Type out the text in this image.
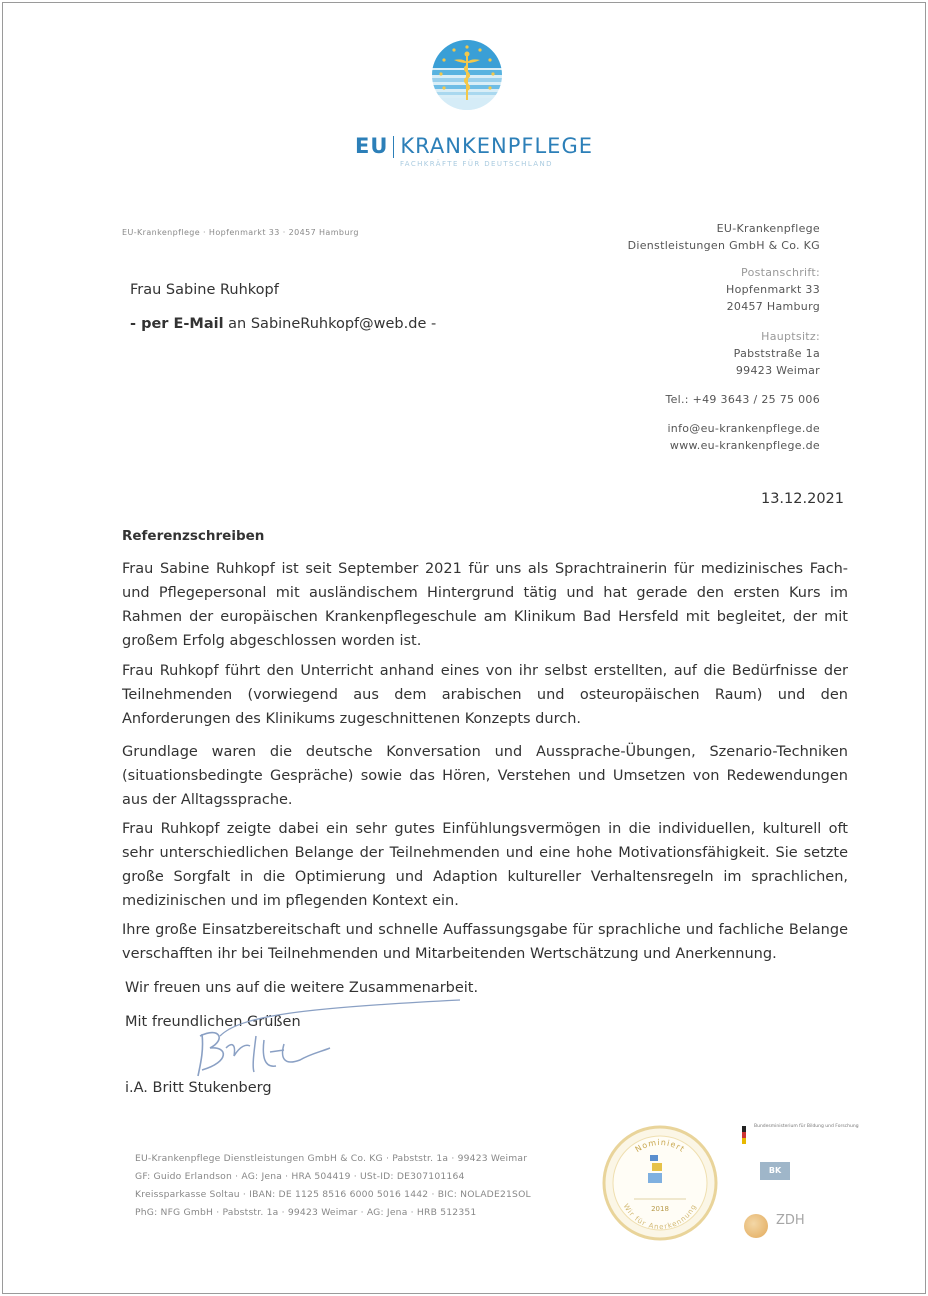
EU KRANKENPFLEGE
FACHKRÄFTE FÜR DEUTSCHLAND
EU-Krankenpflege · Hopfenmarkt 33 · 20457 Hamburg
Frau Sabine Ruhkopf
- per E-Mail an SabineRuhkopf@web.de -
EU-Krankenpflege
Dienstleistungen GmbH & Co. KG
Postanschrift:
Hopfenmarkt 33
20457 Hamburg
Hauptsitz:
Pabststraße 1a
99423 Weimar
Tel.: +49 3643 / 25 75 006
info@eu-krankenpflege.de
www.eu-krankenpflege.de
13.12.2021
Referenzschreiben

Frau Sabine Ruhkopf ist seit September 2021 für uns als Sprachtrainerin für medizinisches Fach- und Pflegepersonal mit ausländischem Hintergrund tätig und hat gerade den ersten Kurs im Rahmen der europäischen Krankenpflegeschule am Klinikum Bad Hersfeld mit begleitet, der mit großem Erfolg abgeschlossen worden ist.

Frau Ruhkopf führt den Unterricht anhand eines von ihr selbst erstellten, auf die Bedürfnisse der Teilnehmenden (vorwiegend aus dem arabischen und osteuropäischen Raum) und den Anforderungen des Klinikums zugeschnittenen Konzepts durch.

Grundlage waren die deutsche Konversation und Aussprache-Übungen, Szenario-Techniken (situationsbedingte Gespräche) sowie das Hören, Verstehen und Umsetzen von Redewendungen aus der Alltagssprache.

Frau Ruhkopf zeigte dabei ein sehr gutes Einfühlungsvermögen in die individuellen, kulturell oft sehr unterschiedlichen Belange der Teilnehmenden und eine hohe Motivationsfähigkeit. Sie setzte große Sorgfalt in die Optimierung und Adaption kultureller Verhaltensregeln im sprachlichen, medizinischen und im pflegenden Kontext ein.

Ihre große Einsatzbereitschaft und schnelle Auffassungsgabe für sprachliche und fachliche Belange verschafften ihr bei Teilnehmenden und Mitarbeitenden Wertschätzung und Anerkennung.

Wir freuen uns auf die weitere Zusammenarbeit.
Mit freundlichen Grüßen
i.A. Britt Stukenberg
EU-Krankenpflege Dienstleistungen GmbH & Co. KG · Pabststr. 1a · 99423 Weimar
GF: Guido Erlandson · AG: Jena · HRA 504419 · USt-ID: DE307101164
Kreissparkasse Soltau · IBAN: DE 1125 8516 6000 5016 1442 · BIC: NOLADE21SOL
PhG: NFG GmbH · Pabststr. 1a · 99423 Weimar · AG: Jena · HRB 512351
Nominiert
Wir für Anerkennung
2018
Bundesministerium für Bildung und Forschung
BK
ZDH
